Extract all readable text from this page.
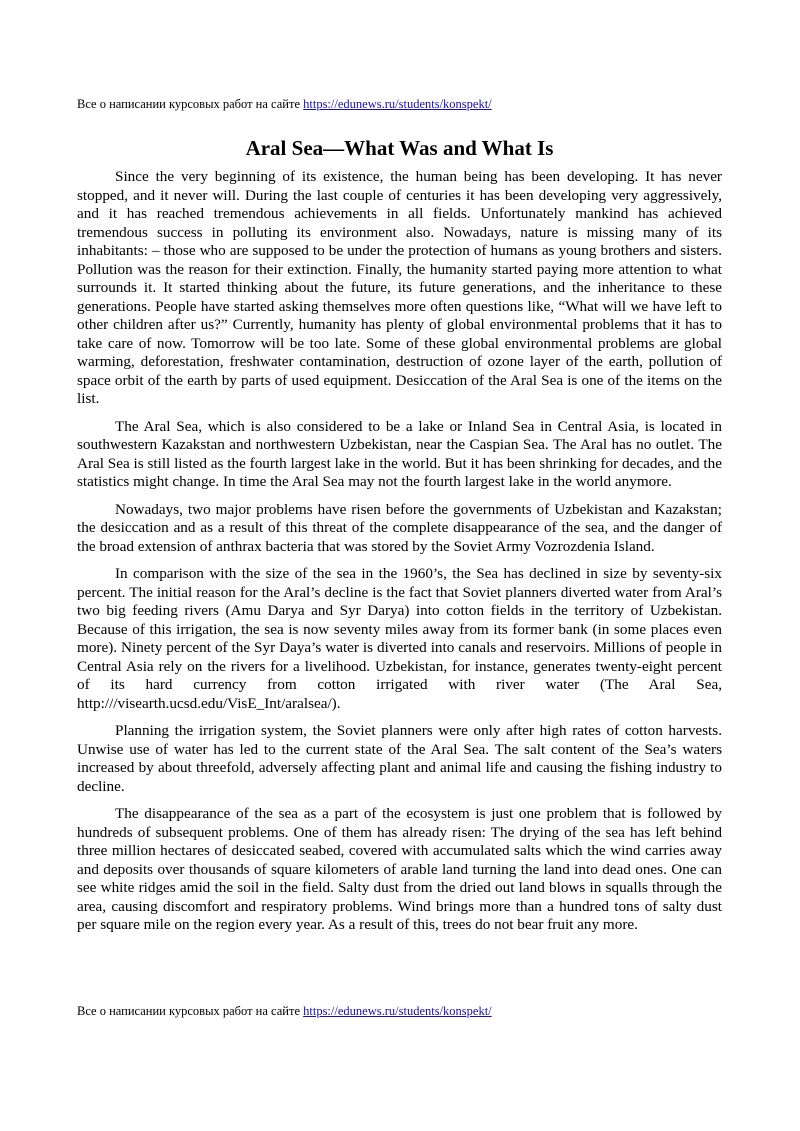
Все о написании курсовых работ на сайте https://edunews.ru/students/konspekt/
Aral Sea—What Was and What Is

Since the very beginning of its existence, the human being has been developing. It has never stopped, and it never will. During the last couple of centuries it has been developing very aggressively, and it has reached tremendous achievements in all fields. Unfortunately mankind has achieved tremendous success in polluting its environment also. Nowadays, nature is missing many of its inhabitants: – those who are supposed to be under the protection of humans as young brothers and sisters. Pollution was the reason for their extinction. Finally, the humanity started paying more attention to what surrounds it. It started thinking about the future, its future generations, and the inheritance to these generations. People have started asking themselves more often questions like, “What will we have left to other children after us?” Currently, humanity has plenty of global environmental problems that it has to take care of now. Tomorrow will be too late. Some of these global environmental problems are global warming, deforestation, freshwater contamination, destruction of ozone layer of the earth, pollution of space orbit of the earth by parts of used equipment. Desiccation of the Aral Sea is one of the items on the list.

The Aral Sea, which is also considered to be a lake or Inland Sea in Central Asia, is located in southwestern Kazakstan and northwestern Uzbekistan, near the Caspian Sea. The Aral has no outlet. The Aral Sea is still listed as the fourth largest lake in the world. But it has been shrinking for decades, and the statistics might change. In time the Aral Sea may not the fourth largest lake in the world anymore.

Nowadays, two major problems have risen before the governments of Uzbekistan and Kazakstan; the desiccation and as a result of this threat of the complete disappearance of the sea, and the danger of the broad extension of anthrax bacteria that was stored by the Soviet Army Vozrozdenia Island.

In comparison with the size of the sea in the 1960’s, the Sea has declined in size by seventy-six percent. The initial reason for the Aral’s decline is the fact that Soviet planners diverted water from Aral’s two big feeding rivers (Amu Darya and Syr Darya) into cotton fields in the territory of Uzbekistan. Because of this irrigation, the sea is now seventy miles away from its former bank (in some places even more). Ninety percent of the Syr Daya’s water is diverted into canals and reservoirs. Millions of people in Central Asia rely on the rivers for a livelihood. Uzbekistan, for instance, generates twenty-eight percent of its hard currency from cotton irrigated with river water (The Aral Sea, http:///visearth.ucsd.edu/VisE_Int/aralsea/).

Planning the irrigation system, the Soviet planners were only after high rates of cotton harvests. Unwise use of water has led to the current state of the Aral Sea. The salt content of the Sea’s waters increased by about threefold, adversely affecting plant and animal life and causing the fishing industry to decline.

The disappearance of the sea as a part of the ecosystem is just one problem that is followed by hundreds of subsequent problems. One of them has already risen: The drying of the sea has left behind three million hectares of desiccated seabed, covered with accumulated salts which the wind carries away and deposits over thousands of square kilometers of arable land turning the land into dead ones. One can see white ridges amid the soil in the field. Salty dust from the dried out land blows in squalls through the area, causing discomfort and respiratory problems. Wind brings more than a hundred tons of salty dust per square mile on the region every year. As a result of this, trees do not bear fruit any more.

Все о написании курсовых работ на сайте https://edunews.ru/students/konspekt/
